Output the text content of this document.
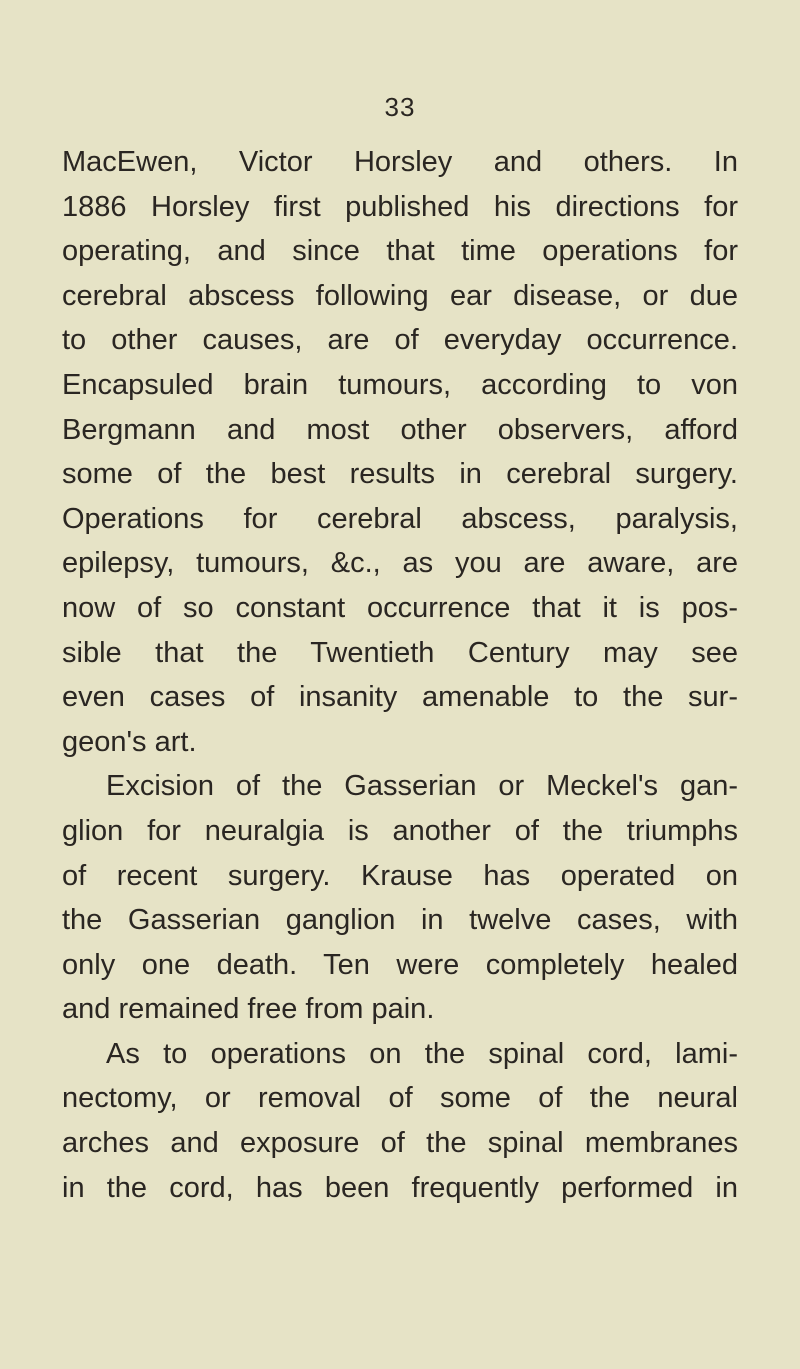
33
MacEwen, Victor Horsley and others. In
1886 Horsley first published his directions for
operating, and since that time operations for
cerebral abscess following ear disease, or due
to other causes, are of everyday occurrence.
Encapsuled brain tumours, according to von
Bergmann and most other observers, afford
some of the best results in cerebral surgery.
Operations for cerebral abscess, paralysis,
epilepsy, tumours, &c., as you are aware, are
now of so constant occurrence that it is pos-
sible that the Twentieth Century may see
even cases of insanity amenable to the sur-
geon's art.
Excision of the Gasserian or Meckel's gan-
glion for neuralgia is another of the triumphs
of recent surgery. Krause has operated on
the Gasserian ganglion in twelve cases, with
only one death. Ten were completely healed
and remained free from pain.
As to operations on the spinal cord, lami-
nectomy, or removal of some of the neural
arches and exposure of the spinal membranes
in the cord, has been frequently performed in
